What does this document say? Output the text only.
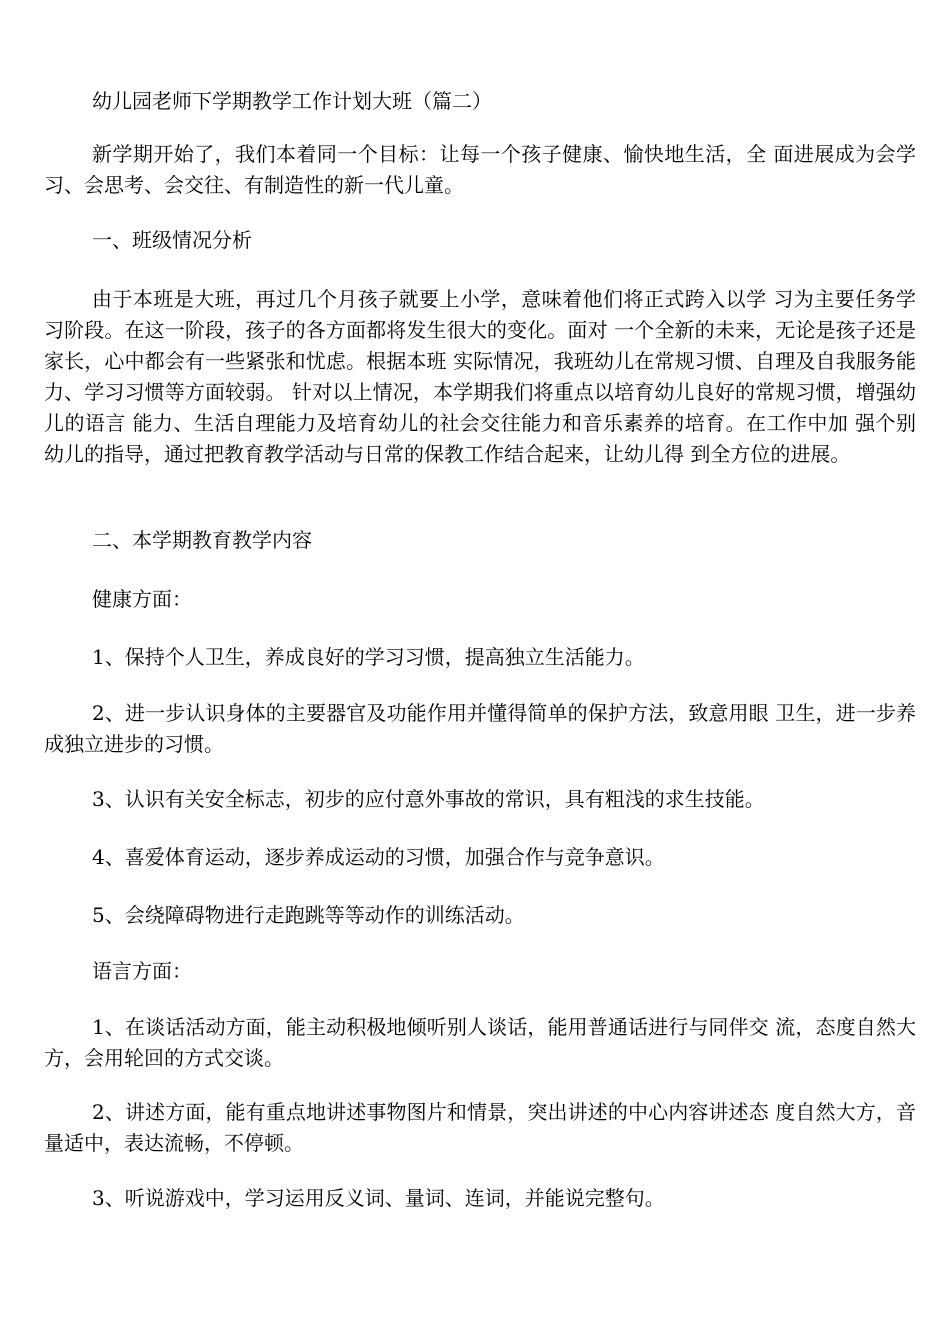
幼儿园老师下学期教学工作计划大班（篇二）

新学期开始了，我们本着同一个目标：让每一个孩子健康、愉快地生活，全 面进展成为会学习、会思考、会交往、有制造性的新一代儿童。

一、班级情况分析

由于本班是大班，再过几个月孩子就要上小学，意味着他们将正式跨入以学 习为主要任务学习阶段。在这一阶段，孩子的各方面都将发生很大的变化。面对 一个全新的未来，无论是孩子还是家长，心中都会有一些紧张和忧虑。根据本班 实际情况，我班幼儿在常规习惯、自理及自我服务能力、学习习惯等方面较弱。 针对以上情况，本学期我们将重点以培育幼儿良好的常规习惯，增强幼儿的语言 能力、生活自理能力及培育幼儿的社会交往能力和音乐素养的培育。在工作中加 强个别幼儿的指导，通过把教育教学活动与日常的保教工作结合起来，让幼儿得 到全方位的进展。

二、本学期教育教学内容

健康方面：

1、保持个人卫生，养成良好的学习习惯，提高独立生活能力。

2、进一步认识身体的主要器官及功能作用并懂得简单的保护方法，致意用眼 卫生，进一步养成独立进步的习惯。

3、认识有关安全标志，初步的应付意外事故的常识，具有粗浅的求生技能。

4、喜爱体育运动，逐步养成运动的习惯，加强合作与竞争意识。

5、会绕障碍物进行走跑跳等等动作的训练活动。

语言方面：

1、在谈话活动方面，能主动积极地倾听别人谈话，能用普通话进行与同伴交 流，态度自然大方，会用轮回的方式交谈。

2、讲述方面，能有重点地讲述事物图片和情景，突出讲述的中心内容讲述态 度自然大方，音量适中，表达流畅，不停顿。

3、听说游戏中，学习运用反义词、量词、连词，并能说完整句。
